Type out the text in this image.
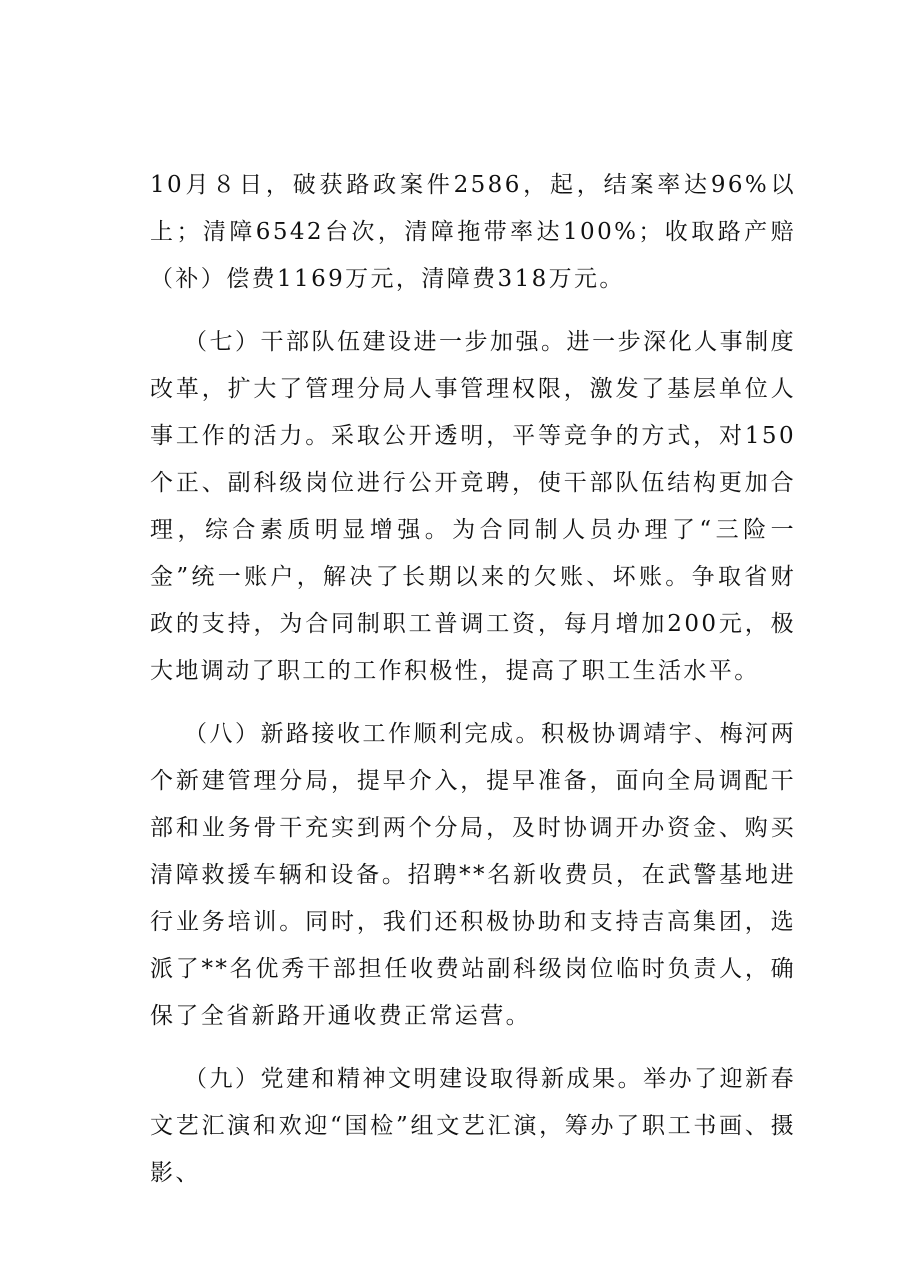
10月８日，破获路政案件2586，起，结案率达96%以上；清障6542台次，清障拖带率达100%；收取路产赔（补）偿费1169万元，清障费318万元。

（七）干部队伍建设进一步加强。进一步深化人事制度改革，扩大了管理分局人事管理权限，激发了基层单位人事工作的活力。采取公开透明，平等竞争的方式，对150个正、副科级岗位进行公开竞聘，使干部队伍结构更加合理，综合素质明显增强。为合同制人员办理了“三险一金”统一账户，解决了长期以来的欠账、坏账。争取省财政的支持，为合同制职工普调工资，每月增加200元，极大地调动了职工的工作积极性，提高了职工生活水平。

（八）新路接收工作顺利完成。积极协调靖宇、梅河两个新建管理分局，提早介入，提早准备，面向全局调配干部和业务骨干充实到两个分局，及时协调开办资金、购买清障救援车辆和设备。招聘**名新收费员，在武警基地进行业务培训。同时，我们还积极协助和支持吉高集团，选派了**名优秀干部担任收费站副科级岗位临时负责人，确保了全省新路开通收费正常运营。

（九）党建和精神文明建设取得新成果。举办了迎新春文艺汇演和欢迎“国检”组文艺汇演，筹办了职工书画、摄影、
